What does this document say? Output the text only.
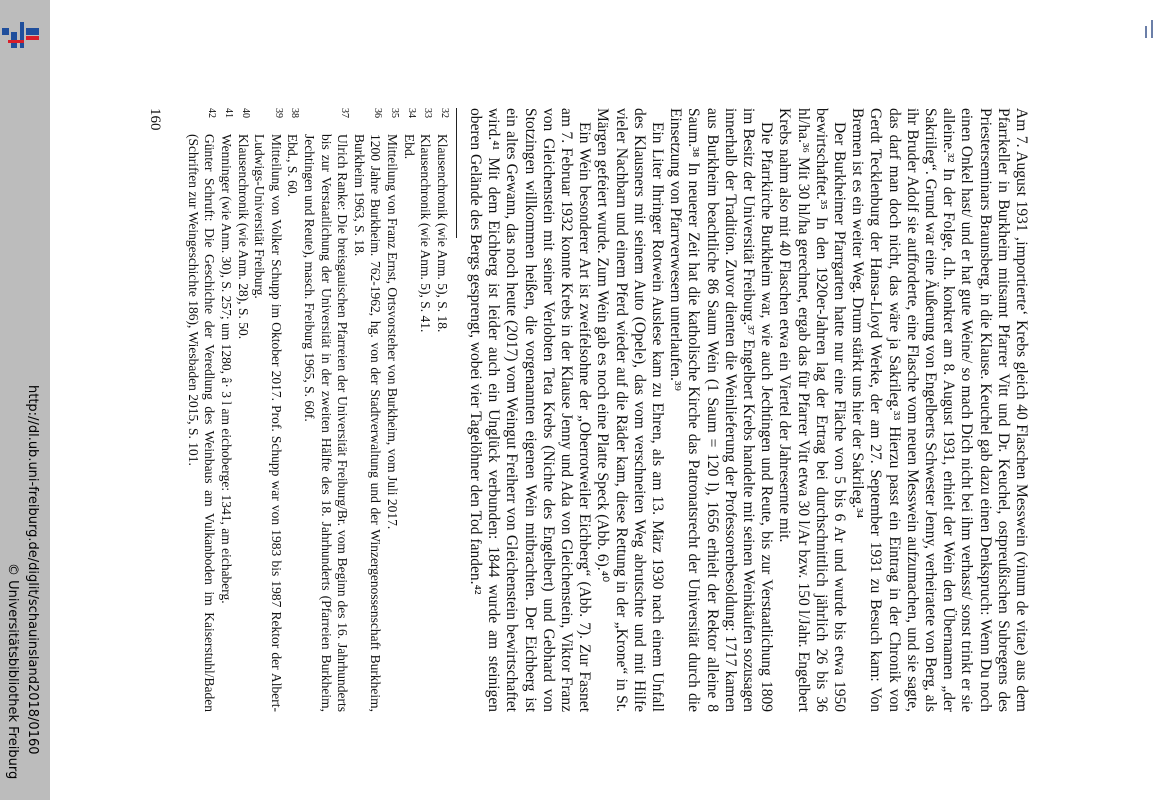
http://dl.ub.uni-freiburg.de/diglit/schauinsland2018/0160
© Universitätsbibliothek Freiburg	Am 7. August 1931 ‚importierte‘ Krebs gleich 40 Flaschen Messwein (vinum de vitae) aus dem Pfarrkeller in Burkheim mitsamt Pfarrer Vitt und Dr. Keuchel, ostpreußischen Subregens des Priesterseminars Braunsberg, in die Klause. Keuchel gab dazu einen Denkspruch: Wenn Du noch einen Onkel hast/ und er hat gute Weine/ so mach Dich nicht bei ihm verhasst/ sonst trinkt er sie alleine.³² In der Folge, d.h. konkret am 8. August 1931, erhielt der Wein den Übernamen „der Sakriileg“. Grund war eine Äußerung von Engelberts Schwester Jenny, verheiratete von Berg, als ihr Bruder Adolf sie aufforderte, eine Flasche vom neuen Messwein aufzumachen, und sie sagte, das darf man doch nicht, das wäre ja Sakrileg.³³ Hierzu passt ein Eintrag in der Chronik von Gerdt Tecklenburg der Hansa-Lloyd Werke, der am 27. September 1931 zu Besuch kam: Von Bremen ist es ein weiter Weg. Drum stärkt uns hier der Sakrileg.³⁴

Der Burkheimer Pfarrgarten hatte nur eine Fläche von 5 bis 6 Ar und wurde bis etwa 1950 bewirtschaftet.³⁵ In den 1920er-Jahren lag der Ertrag bei durchschnittlich jährlich 26 bis 36 hl/ha.³⁶ Mit 30 hl/ha gerechnet, ergab das für Pfarrer Vitt etwa 30 l/Ar bzw. 150 l/Jahr. Engelbert Krebs nahm also mit 40 Flaschen etwa ein Viertel der Jahresernte mit.

Die Pfarrkirche Burkheim war, wie auch Jechtingen und Reute, bis zur Verstaatlichung 1809 im Besitz der Universität Freiburg.³⁷ Engelbert Krebs handelte mit seinen Weinkäufen sozusagen innerhalb der Tradition. Zuvor dienten die Weinlieferung der Professorenbesoldung: 1717 kamen aus Burkheim beachtliche 86 Saum Wein (1 Saum = 120 l), 1656 erhielt der Rektor alleine 8 Saum.³⁸ In neuerer Zeit hat die katholische Kirche das Patronatsrecht der Universität durch die Einsetzung von Pfarrverwesern unterlaufen.³⁹

Ein Liter Ihringer Rotwein Auslese kam zu Ehren, als am 13. März 1930 nach einem Unfall des Klausners mit seinem Auto (Opele), das vom verschneiten Weg abrutschte und mit Hilfe vieler Nachbarn und einem Pferd wieder auf die Räder kam, diese Rettung in der „Krone“ in St. Märgen gefeiert wurde. Zum Wein gab es noch eine Platte Speck (Abb. 6).⁴⁰

Ein Wein besonderer Art ist zweifelsohne der „Oberrotweiler Eichberg“ (Abb. 7). Zur Fasnet am 7. Februar 1932 konnte Krebs in der Klause Jenny und Ada von Gleichenstein, Viktor Franz von Gleichenstein mit seiner Verlobten Teta Krebs (Nichte des Engelbert) und Gebhard von Stotzingen willkommen heißen, die vorgenannten eigenen Wein mitbrachten. Der Eichberg ist ein altes Gewann, das noch heute (2017) vom Weingut Freiherr von Gleichenstein bewirtschaftet wird.⁴¹ Mit dem Eichberg ist leider auch ein Unglück verbunden: 1844 wurde am steinigen oberen Gelände des Bergs gesprengt, wobei vier Tagelöhner den Tod fanden.⁴²

32
Klausenchronik (wie Anm. 5), S. 18.
33
Klausenchronik (wie Anm. 5), S. 41.
34
Ebd.
35
Mitteilung von Franz Ernst, Ortsvorsteher von Burkheim, vom Juli 2017.
36
1200 Jahre Burkheim. 762-1962, hg. von der Stadtverwaltung und der Winzergenossenschaft Burkheim, Burkheim 1963, S. 18.
37
Ulrich Ranke: Die breisgauischen Pfarreien der Universität Freiburg/Br. vom Beginn des 16. Jahrhunderts bis zur Verstaatlichung der Universität in der zweiten Hälfte des 18. Jahrhunderts (Pfarreien Burkheim, Jechtingen und Reute), masch. Freiburg 1965, S. 60f.
38
Ebd., S. 60.
39
Mitteilung von Volker Schupp im Oktober 2017. Prof. Schupp war von 1983 bis 1987 Rektor der Albert-Ludwigs-Universität Freiburg.
40
Klausenchronik (wie Anm. 28), S. 50.
41
Wenninger (wie Anm. 30), S. 257; um 1280, â· 3 l am eichoberge: 1341, am eichaberg.
42
Günter Schruft: Die Geschichte der Veredlung des Weinbaus am Vulkanboden im Kaiserstuhl/Baden (Schriften zur Weingeschichte 186), Wiesbaden 2015, S. 101.
160
